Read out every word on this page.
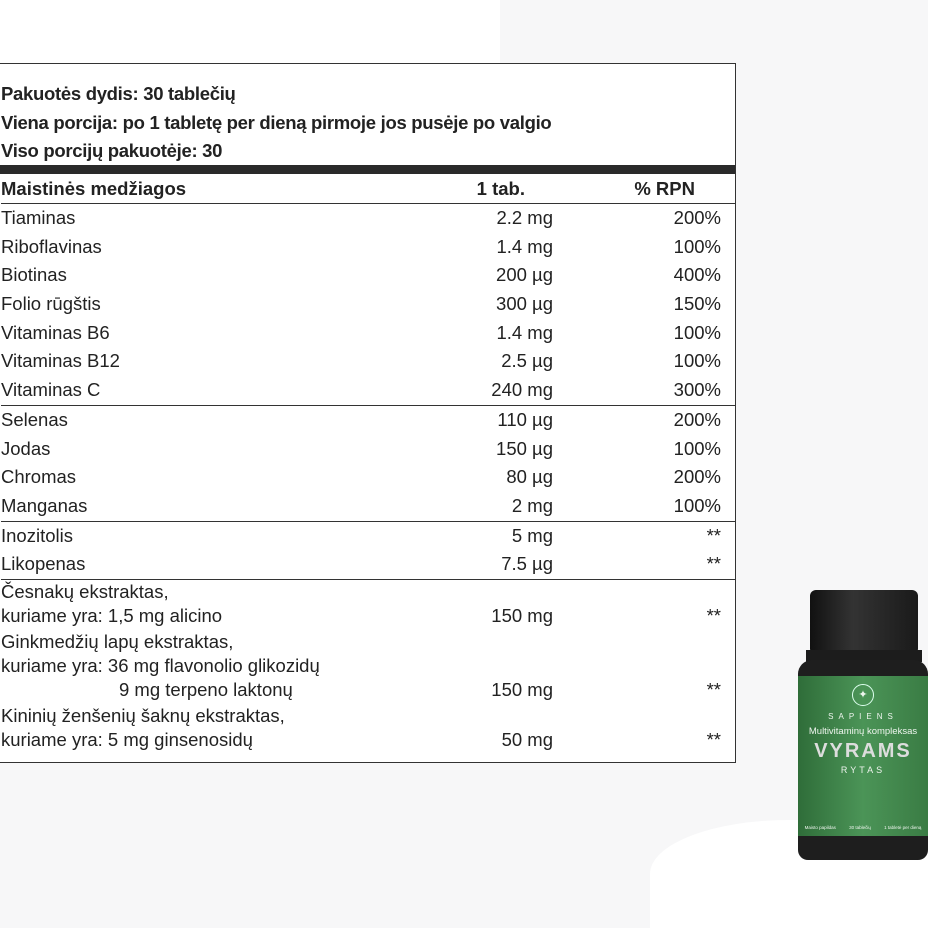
Pakuotės dydis: 30 tablečių
Viena porcija: po 1 tabletę per dieną pirmoje jos pusėje po valgio
Viso porcijų pakuotėje: 30
Maistinės medžiagos	1 tab.	% RPN
Tiaminas	2.2 mg	200%
Riboflavinas	1.4 mg	100%
Biotinas	200 µg	400%
Folio rūgštis	300 µg	150%
Vitaminas B6	1.4 mg	100%
Vitaminas B12	2.5 µg	100%
Vitaminas C	240 mg	300%
Selenas	110 µg	200%
Jodas	150 µg	100%
Chromas	80 µg	200%
Manganas	2 mg	100%
Inozitolis	5 mg	**
Likopenas	7.5 µg	**
Česnakų ekstraktas,
kuriame yra: 1,5 mg alicino	150 mg	**
Ginkmedžių lapų ekstraktas,
kuriame yra: 36 mg flavonolio glikozidų
9 mg terpeno laktonų	150 mg	**
Kininių ženšenių šaknų ekstraktas,
kuriame yra: 5 mg ginsenosidų	50 mg	**
✦
SAPIENS
Multivitaminų kompleksas
VYRAMS
RYTAS
Maisto papildas	30 tablečių	1 tabletė per dieną
